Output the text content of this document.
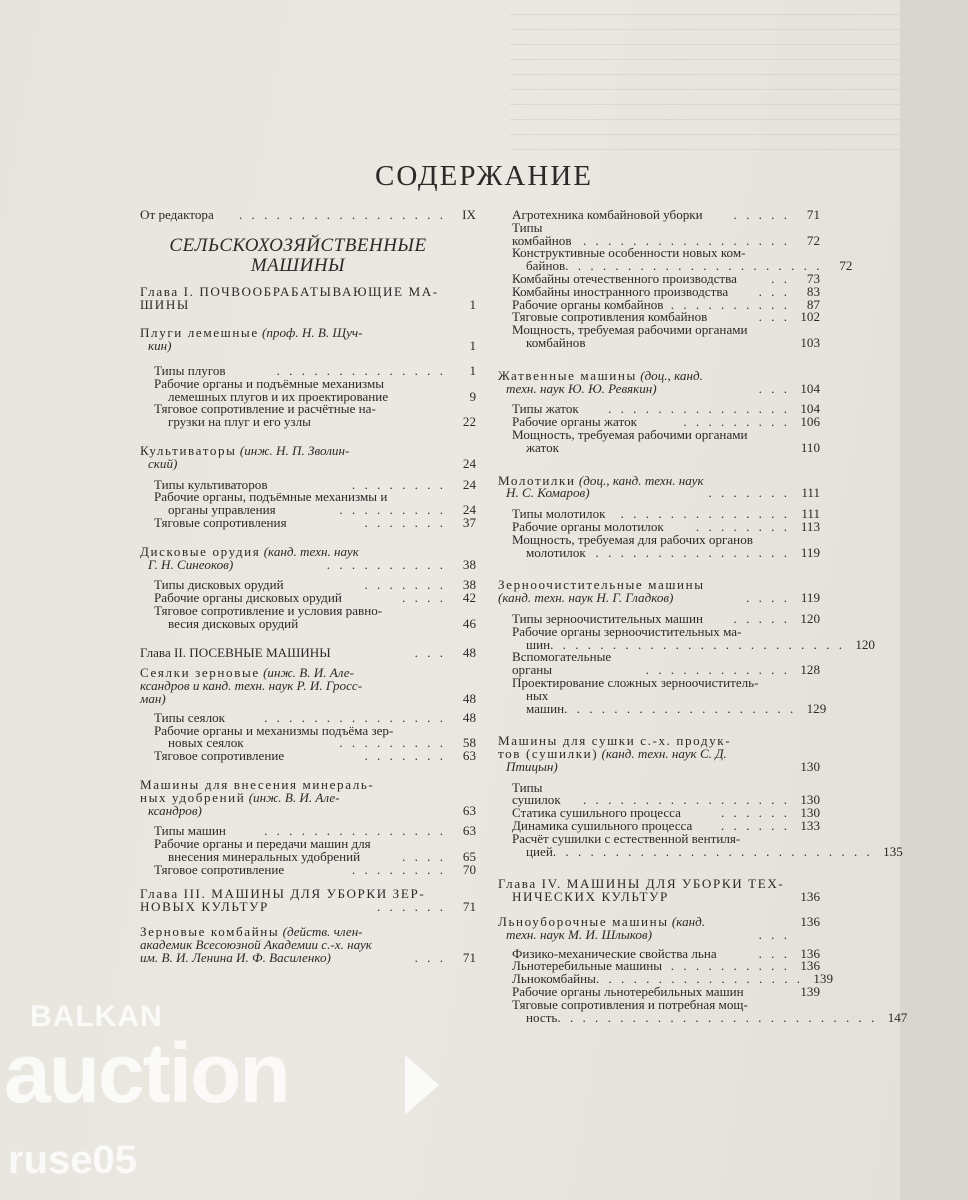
СОДЕРЖАНИЕ
От редактора	. . . . . . . . . . . . . . . . .	IX
СЕЛЬСКОХОЗЯЙСТВЕННЫЕ
МАШИНЫ
Глава I. ПОЧВООБРАБАТЫВАЮЩИЕ МА-
ШИНЫ	1
Плуги лемешные (проф. Н. В. Щуч-
кин)	1
Типы плугов	. . . . . . . . . . . . . .	1
Рабочие органы и подъёмные механизмы
лемешных плугов и их проектирование	9
Тяговое сопротивление и расчётные на-
грузки на плуг и его узлы	22
Культиваторы (инж. Н. П. Зволин-
ский)	24
Типы культиваторов	. . . . . . . .	24
Рабочие органы, подъёмные механизмы и
органы управления	. . . . . . . . .	24
Тяговые сопротивления	. . . . . . .	37
Дисковые орудия (канд. техн. наук
Г. Н. Синеоков)	. . . . . . . . . .	38
Типы дисковых орудий	. . . . . . .	38
Рабочие органы дисковых орудий	. . . .	42
Тяговое сопротивление и условия равно-
весия дисковых орудий	46
Глава II. ПОСЕВНЫЕ МАШИНЫ	. . .	48
Сеялки зерновые (инж. В. И. Але-
ксандров и канд. техн. наук Р. И. Гросс-
ман)	48
Типы сеялок	. . . . . . . . . . . . . . .	48
Рабочие органы и механизмы подъёма зер-
новых сеялок	. . . . . . . . .	58
Тяговое сопротивление	. . . . . . .	63
Машины для внесения минераль-
ных удобрений (инж. В. И. Але-
ксандров)	63
Типы машин	. . . . . . . . . . . . . . .	63
Рабочие органы и передачи машин для
внесения минеральных удобрений	. . . .	65
Тяговое сопротивление	. . . . . . . .	70
Глава III. МАШИНЫ ДЛЯ УБОРКИ ЗЕР-
НОВЫХ КУЛЬТУР	. . . . . .	71
Зерновые комбайны (действ. член-
академик Всесоюзной Академии с.-х. наук
им. В. И. Ленина И. Ф. Василенко)	. . .	71
Агротехника комбайновой уборки	. . . . .	71
Типы комбайнов . . . . . . . . . . . . . . . . .	72
Конструктивные особенности новых ком-
байнов . . . . . . . . . . . . . . . . . . . . .	72
Комбайны отечественного производства	. .	73
Комбайны иностранного производства	. . .	83
Рабочие органы комбайнов . . . . . . . . . .	87
Тяговые сопротивления комбайнов	. . . 102
Мощность, требуемая рабочими органами
комбайнов	103
Жатвенные машины (доц., канд.
техн. наук Ю. Ю. Ревякин)	. . . 104
Типы жаток	. . . . . . . . . . . . . . . 104
Рабочие органы жаток	. . . . . . . . . 106
Мощность, требуемая рабочими органами
жаток	110
Молотилки (доц., канд. техн. наук
Н. С. Комаров)	. . . . . . . 111
Типы молотилок	. . . . . . . . . . . . . . 111
Рабочие органы молотилок	. . . . . . . . 113
Мощность, требуемая для рабочих органов
молотилок . . . . . . . . . . . . . . . . 119
Зерноочистительные машины
(канд. техн. наук Н. Г. Гладков)	. . . . 119
Типы зерноочистительных машин	. . . . . 120
Рабочие органы зерноочистительных ма-
шин . . . . . . . . . . . . . . . . . . . . . . . . 120
Вспомогательные органы	. . . . . . . . . . . . 128
Проектирование сложных зерноочиститель-
ных машин . . . . . . . . . . . . . . . . . . . 129
Машины для сушки с.-х. продук-
тов (сушилки) (канд. техн. наук С. Д.
Птицын)	130
Типы сушилок	. . . . . . . . . . . . . . . . . 130
Статика сушильного процесса	. . . . . . 130
Динамика сушильного процесса	. . . . . . 133
Расчёт сушилки с естественной вентиля-
цией . . . . . . . . . . . . . . . . . . . . . . . . . . 135
Глава IV. МАШИНЫ ДЛЯ УБОРКИ ТЕХ-
НИЧЕСКИХ КУЛЬТУР	136
Льноуборочные машины (канд.	136
техн. наук М. И. Шлыков)	. . .
Физико-механические свойства льна	. . . 136
Льнотеребильные машины . . . . . . . . . . 136
Льнокомбайны . . . . . . . . . . . . . . . . . 139
Рабочие органы льнотеребильных машин	139
Тяговые сопротивления и потребная мощ-
ность . . . . . . . . . . . . . . . . . . . . . . . . . . 147
BALKAN
auction
ruse05
